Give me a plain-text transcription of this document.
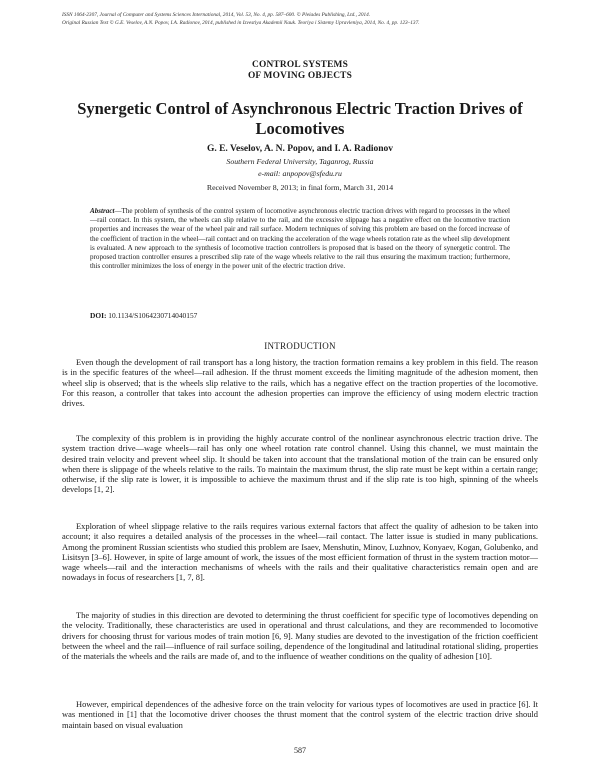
ISSN 1064-2307, Journal of Computer and Systems Sciences International, 2014, Vol. 53, No. 4, pp. 587–600. © Pleiades Publishing, Ltd., 2014.
Original Russian Text © G.E. Veselov, A.N. Popov, I.A. Radionov, 2014, published in Izvestiya Akademii Nauk. Teoriya i Sistemy Upravleniya, 2014, No. 4, pp. 123–137.
CONTROL SYSTEMS
OF MOVING OBJECTS
Synergetic Control of Asynchronous Electric Traction Drives of Locomotives
G. E. Veselov, A. N. Popov, and I. A. Radionov
Southern Federal University, Taganrog, Russia
e-mail: anpopov@sfedu.ru
Received November 8, 2013; in final form, March 31, 2014
Abstract—The problem of synthesis of the control system of locomotive asynchronous electric traction drives with regard to processes in the wheel—rail contact. In this system, the wheels can slip relative to the rail, and the excessive slippage has a negative effect on the locomotive traction properties and increases the wear of the wheel pair and rail surface. Modern techniques of solving this problem are based on the forced increase of the coefficient of traction in the wheel—rail contact and on tracking the acceleration of the wage wheels rotation rate as the wheel slip development is evaluated. A new approach to the synthesis of locomotive traction controllers is proposed that is based on the theory of synergetic control. The proposed traction controller ensures a prescribed slip rate of the wage wheels relative to the rail thus ensuring the maximum traction; furthermore, this controller minimizes the loss of energy in the power unit of the electric traction drive.
DOI: 10.1134/S1064230714040157
INTRODUCTION
Even though the development of rail transport has a long history, the traction formation remains a key problem in this field. The reason is in the specific features of the wheel—rail adhesion. If the thrust moment exceeds the limiting magnitude of the adhesion moment, then wheel slip is observed; that is the wheels slip relative to the rails, which has a negative effect on the traction properties of the locomotive. For this reason, a controller that takes into account the adhesion properties can improve the efficiency of using modern electric traction drives.
The complexity of this problem is in providing the highly accurate control of the nonlinear asynchronous electric traction drive. The system traction drive—wage wheels—rail has only one wheel rotation rate control channel. Using this channel, we must maintain the desired train velocity and prevent wheel slip. It should be taken into account that the translational motion of the train can be ensured only when there is slippage of the wheels relative to the rails. To maintain the maximum thrust, the slip rate must be kept within a certain range; otherwise, if the slip rate is lower, it is impossible to achieve the maximum thrust and if the slip rate is too high, spinning of the wheels develops [1, 2].
Exploration of wheel slippage relative to the rails requires various external factors that affect the quality of adhesion to be taken into account; it also requires a detailed analysis of the processes in the wheel—rail contact. The latter issue is studied in many publications. Among the prominent Russian scientists who studied this problem are Isaev, Menshutin, Minov, Luzhnov, Konyaev, Kogan, Golubenko, and Lisitsyn [3–6]. However, in spite of large amount of work, the issues of the most efficient formation of thrust in the system traction motor—wage wheels—rail and the interaction mechanisms of wheels with the rails and their qualitative characteristics remain open and are nowadays in focus of researchers [1, 7, 8].
The majority of studies in this direction are devoted to determining the thrust coefficient for specific type of locomotives depending on the velocity. Traditionally, these characteristics are used in operational and thrust calculations, and they are recommended to locomotive drivers for choosing thrust for various modes of train motion [6, 9]. Many studies are devoted to the investigation of the friction coefficient between the wheel and the rail—influence of rail surface soiling, dependence of the longitudinal and latitudinal rotational sliding, properties of the materials the wheels and the rails are made of, and to the influence of weather conditions on the quality of adhesion [10].
However, empirical dependences of the adhesive force on the train velocity for various types of locomotives are used in practice [6]. It was mentioned in [1] that the locomotive driver chooses the thrust moment that the control system of the electric traction drive should maintain based on visual evaluation
587
